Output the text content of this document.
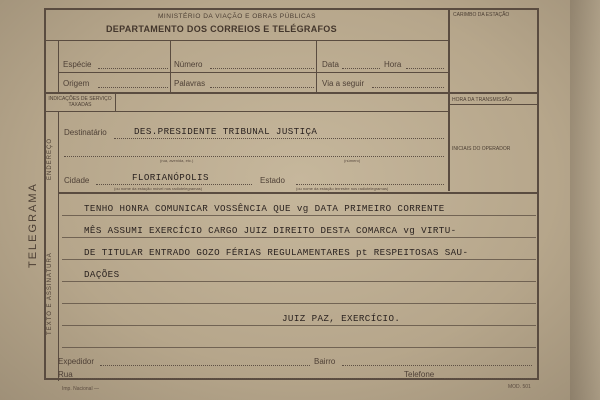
MINISTÉRIO DA VIAÇÃO E OBRAS PÚBLICAS
DEPARTAMENTO DOS CORREIOS E TELÉGRAFOS
CARIMBO DA ESTAÇÃO
Espécie	Número	Data	Hora
Origem	Palavras	Via a seguir
INDICAÇÕES DE SERVIÇO TAXADAS
HORA DA TRANSMISSÃO
INICIAIS DO OPERADOR
TELEGRAMA
ENDEREÇO
TEXTO E ASSINATURA
Destinatário	DES.PRESIDENTE TRIBUNAL JUSTIÇA
(rua, avenida, etc.)	(número)
Cidade	FLORIANÓPOLIS
(ou nome da estação móvel nos radiotelegramas)
Estado
(ou nome da estação terrestre nos radiotelegramas)
TENHO HONRA COMUNICAR VOSSÊNCIA QUE vg DATA PRIMEIRO CORRENTE
MÊS ASSUMI EXERCÍCIO CARGO JUIZ DIREITO DESTA COMARCA vg VIRTU-
DE TITULAR ENTRADO GOZO FÉRIAS REGULAMENTARES pt RESPEITOSAS SAU-
DAÇÕES
JUIZ PAZ, EXERCÍCIO.
Expedidor	Bairro
Rua	Telefone
Imp. Nacional —	MOD. 501
